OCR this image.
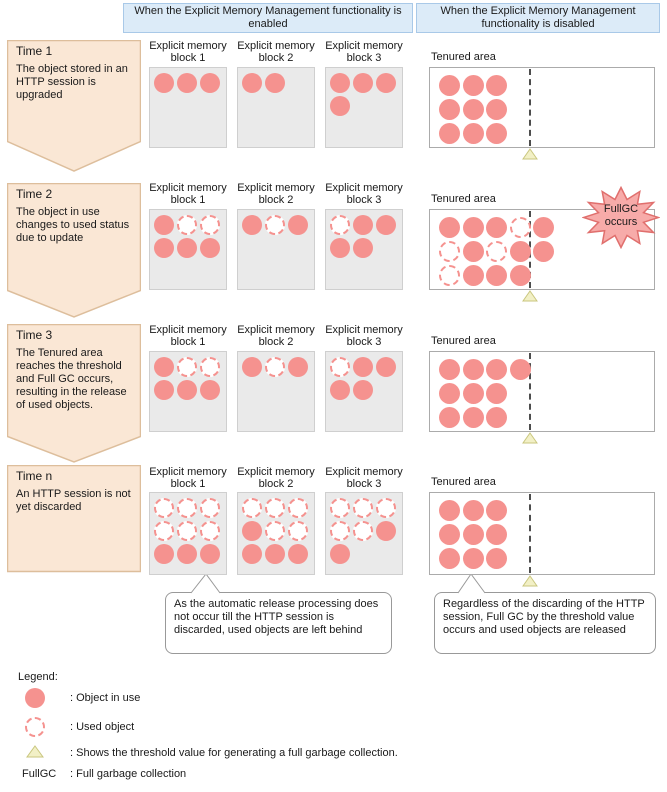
When the Explicit Memory Management functionality is enabled
When the Explicit Memory Management functionality is disabled
As the automatic release processing does not occur till the HTTP session is discarded, used objects are left behind
Regardless of the discarding of the HTTP session, Full GC by the threshold value occurs and used objects are released
Legend:
: Object in use
: Used object
: Shows the threshold value for generating a full garbage collection.
FullGC : Full garbage collection
Time 1
The object stored in an HTTP session is upgraded
Explicit memory
block 1
Explicit memory
block 2
Explicit memory
block 3	Tenured area
Time 2
The object in use changes to used status due to update
Explicit memory
block 1
Explicit memory
block 2
Explicit memory
block 3	Tenured area
FullGC
occurs
Time 3
The Tenured area reaches the threshold and Full GC occurs, resulting in the release of used objects.
Explicit memory
block 1
Explicit memory
block 2
Explicit memory
block 3	Tenured area
Time n
An HTTP session is not yet discarded
Explicit memory
block 1
Explicit memory
block 2
Explicit memory
block 3	Tenured area
